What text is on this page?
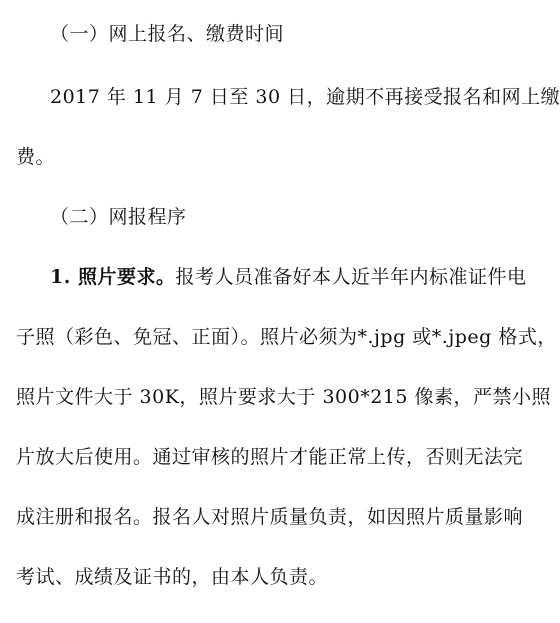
（一）网上报名、缴费时间
2017 年 11 月 7 日至 30 日，逾期不再接受报名和网上缴
费。
（二）网报程序
1. 照片要求。报考人员准备好本人近半年内标准证件电
子照（彩色、免冠、正面）。照片必须为*.jpg 或*.jpeg 格式，
照片文件大于 30K，照片要求大于 300*215 像素，严禁小照
片放大后使用。通过审核的照片才能正常上传，否则无法完
成注册和报名。报名人对照片质量负责，如因照片质量影响
考试、成绩及证书的，由本人负责。
